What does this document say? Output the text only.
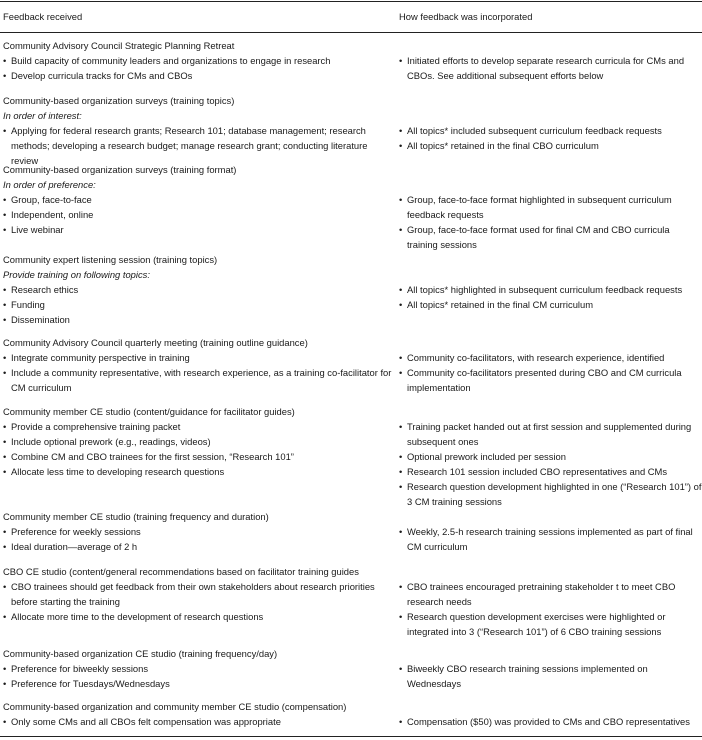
Feedback received	How feedback was incorporated
Community Advisory Council Strategic Planning Retreat
• Build capacity of community leaders and organizations to engage in research
• Develop curricula tracks for CMs and CBOs
• Initiated efforts to develop separate research curricula for CMs and CBOs. See additional subsequent efforts below
Community-based organization surveys (training topics)
In order of interest:
• Applying for federal research grants; Research 101; database management; research methods; developing a research budget; manage research grant; conducting literature review
• All topics* included subsequent curriculum feedback requests
• All topics* retained in the final CBO curriculum
Community-based organization surveys (training format)
In order of preference:
• Group, face-to-face
• Independent, online
• Live webinar
• Group, face-to-face format highlighted in subsequent curriculum feedback requests
• Group, face-to-face format used for final CM and CBO curricula training sessions
Community expert listening session (training topics)
Provide training on following topics:
• Research ethics
• Funding
• Dissemination
• All topics* highlighted in subsequent curriculum feedback requests
• All topics* retained in the final CM curriculum
Community Advisory Council quarterly meeting (training outline guidance)
• Integrate community perspective in training
• Include a community representative, with research experience, as a training co-facilitator for CM curriculum
• Community co-facilitators, with research experience, identified
• Community co-facilitators presented during CBO and CM curricula implementation
Community member CE studio (content/guidance for facilitator guides)
• Provide a comprehensive training packet
• Include optional prework (e.g., readings, videos)
• Combine CM and CBO trainees for the first session, “Research 101”
• Allocate less time to developing research questions
• Training packet handed out at first session and supplemented during subsequent ones
• Optional prework included per session
• Research 101 session included CBO representatives and CMs
• Research question development highlighted in one (“Research 101”) of 3 CM training sessions
Community member CE studio (training frequency and duration)
• Preference for weekly sessions
• Ideal duration—average of 2 h
• Weekly, 2.5-h research training sessions implemented as part of final CM curriculum
CBO CE studio (content/general recommendations based on facilitator training guides
• CBO trainees should get feedback from their own stakeholders about research priorities before starting the training
• Allocate more time to the development of research questions
• CBO trainees encouraged pretraining stakeholder t to meet CBO research needs
• Research question development exercises were highlighted or integrated into 3 (“Research 101”) of 6 CBO training sessions
Community-based organization CE studio (training frequency/day)
• Preference for biweekly sessions
• Preference for Tuesdays/Wednesdays
• Biweekly CBO research training sessions implemented on Wednesdays
Community-based organization and community member CE studio (compensation)
• Only some CMs and all CBOs felt compensation was appropriate	• Compensation ($50) was provided to CMs and CBO representatives
